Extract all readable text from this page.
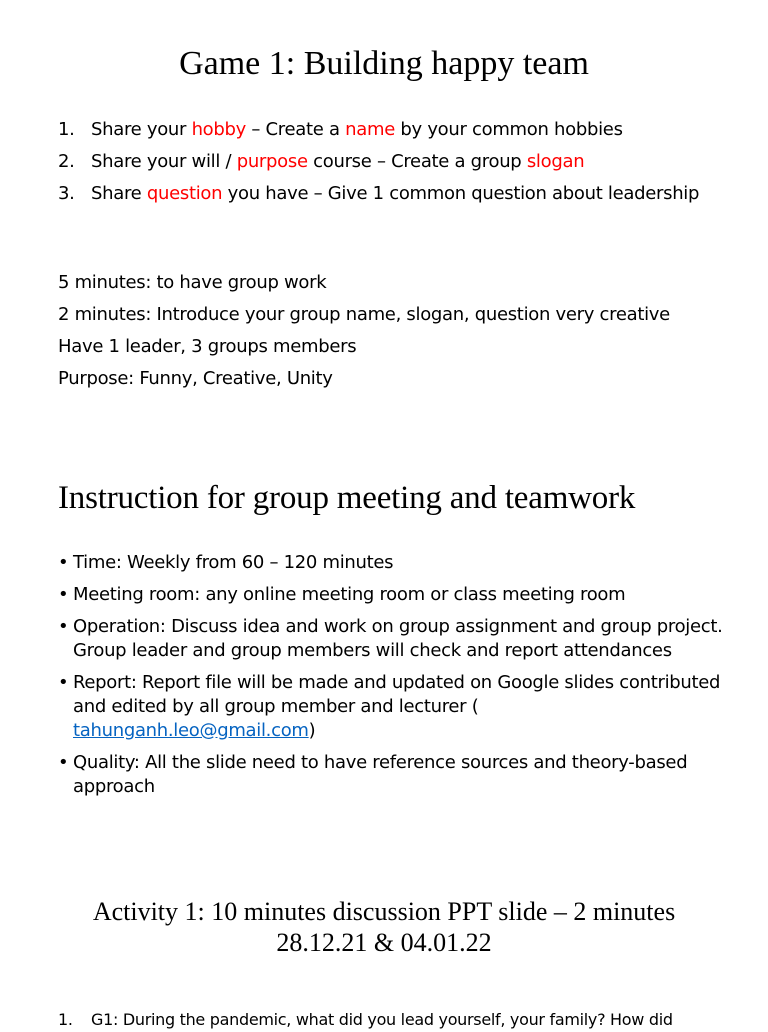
Game 1: Building happy team
1. Share your hobby – Create a name by your common hobbies
2. Share your will / purpose course – Create a group slogan
3. Share question you have – Give 1 common question about leadership
5 minutes: to have group work
2 minutes: Introduce your group name, slogan, question very creative
Have 1 leader, 3 groups members
Purpose: Funny, Creative, Unity
Instruction for group meeting and teamwork
• Time: Weekly from 60 – 120 minutes
• Meeting room: any online meeting room or class meeting room
• Operation: Discuss idea and work on group assignment and group project. Group leader and group members will check and report attendances
• Report: Report file will be made and updated on Google slides contributed and edited by all group member and lecturer (
tahunganh.leo@gmail.com)
• Quality: All the slide need to have reference sources and theory-based approach
Activity 1: 10 minutes discussion PPT slide – 2 minutes
28.12.21 & 04.01.22
1.	G1: During the pandemic, what did you lead yourself, your family? How did
